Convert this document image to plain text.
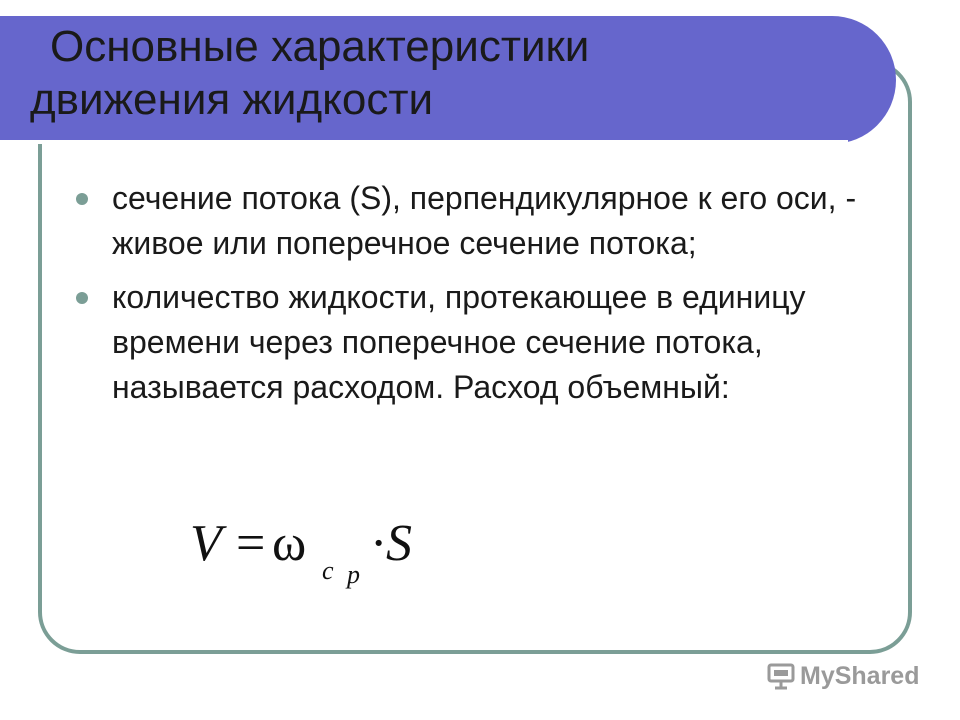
Основные характеристики
движения жидкости
сечение потока (S), перпендикулярное к его оси, - живое или поперечное сечение потока;
количество жидкости, протекающее в единицу времени через поперечное сечение потока, называется расходом. Расход объемный:
V = ω с р
·
S
MyShared
